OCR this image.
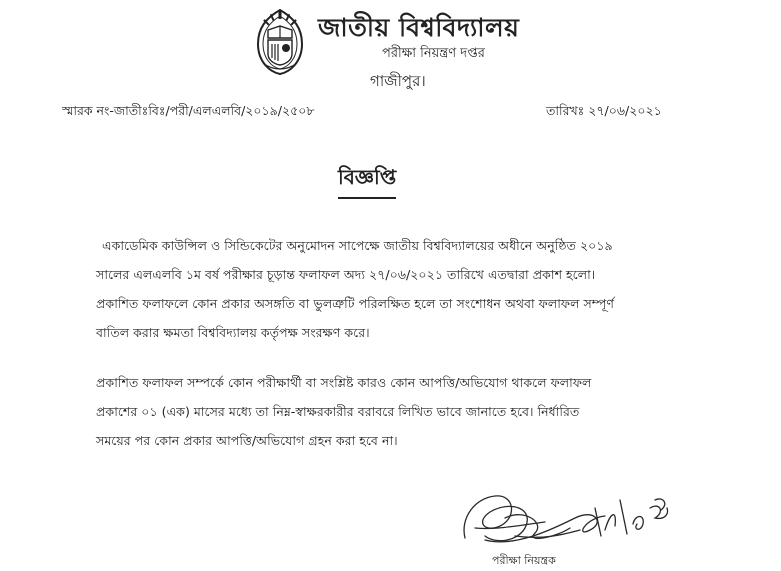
জাতীয় বিশ্ববিদ্যালয়
পরীক্ষা নিয়ন্ত্রণ দপ্তর
গাজীপুর।
স্মারক নং-জাতীঃবিঃ/পরী/এলএলবি/২০১৯/২৫০৮	তারিখঃ ২৭/০৬/২০২১
বিজ্ঞপ্তি
একাডেমিক কাউন্সিল ও সিন্ডিকেটের অনুমোদন সাপেক্ষে জাতীয় বিশ্ববিদ্যালয়ের অধীনে অনুষ্ঠিত ২০১৯
সালের এলএলবি ১ম বর্ষ পরীক্ষার চূড়ান্ত ফলাফল অদ্য ২৭/০৬/২০২১ তারিখে এতদ্বারা প্রকাশ হলো।
প্রকাশিত ফলাফলে কোন প্রকার অসঙ্গতি বা ভুলত্রুটি পরিলক্ষিত হলে তা সংশোধন অথবা ফলাফল সম্পূর্ণ
বাতিল করার ক্ষমতা বিশ্ববিদ্যালয় কর্তৃপক্ষ সংরক্ষণ করে।
প্রকাশিত ফলাফল সম্পর্কে কোন পরীক্ষার্থী বা সংশ্লিষ্ট কারও কোন আপত্তি/অভিযোগ থাকলে ফলাফল
প্রকাশের ০১ (এক) মাসের মধ্যে তা নিম্ন-স্বাক্ষরকারীর বরাবরে লিখিত ভাবে জানাতে হবে। নির্ধারিত
সময়ের পর কোন প্রকার আপত্তি/অভিযোগ গ্রহন করা হবে না।
পরীক্ষা নিয়ন্ত্রক
